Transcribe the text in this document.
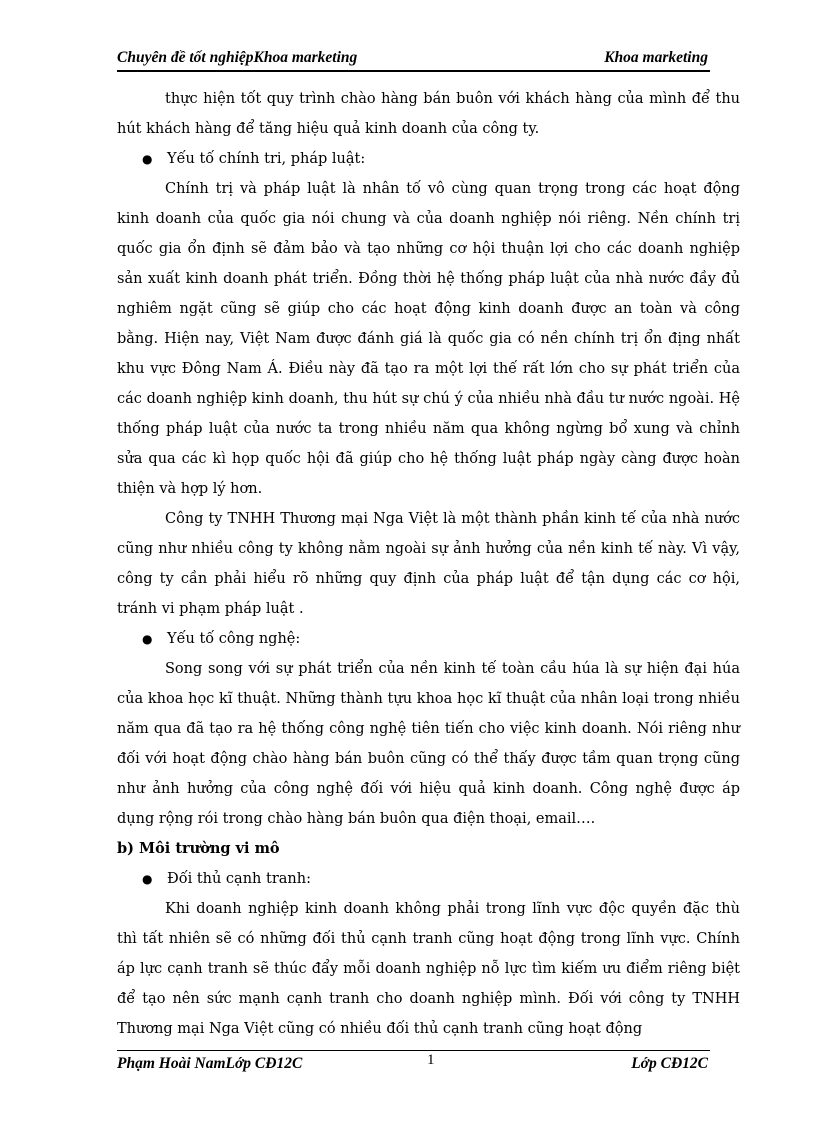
Chuyên đề tốt nghiệpKhoa marketing	Khoa marketing

thực hiện tốt quy trình chào hàng bán buôn với khách hàng của mình để thu hút khách hàng để tăng hiệu quả kinh doanh của công ty.

● Yếu tố chính tri, pháp luật:

Chính trị và pháp luật là nhân tố vô cùng quan trọng trong các hoạt động kinh doanh của quốc gia nói chung và của doanh nghiệp nói riêng. Nền chính trị quốc gia ổn định sẽ đảm bảo và tạo những cơ hội thuận lợi cho các doanh nghiệp sản xuất kinh doanh phát triển. Đồng thời hệ thống pháp luật của nhà nước đầy đủ nghiêm ngặt cũng sẽ giúp cho các hoạt động kinh doanh được an toàn và công bằng. Hiện nay, Việt Nam được đánh giá là quốc gia có nền chính trị ổn địng nhất khu vực Đông Nam Á. Điều này đã tạo ra một lợi thế rất lớn cho sự phát triển của các doanh nghiệp kinh doanh, thu hút sự chú ý của nhiều nhà đầu tư nước ngoài. Hệ thống pháp luật của nước ta trong nhiều năm qua không ngừng bổ xung và chỉnh sửa qua các kì họp quốc hội đã giúp cho hệ thống luật pháp ngày càng được hoàn thiện và hợp lý hơn.

Công ty TNHH Thương mại Nga Việt là một thành phần kinh tế của nhà nước cũng như nhiều công ty không nằm ngoài sự ảnh hưởng của nền kinh tế này. Vì vậy, công ty cần phải hiểu rõ những quy định của pháp luật để tận dụng các cơ hội, tránh vi phạm pháp luật .

● Yếu tố công nghệ:

Song song với sự phát triển của nền kinh tế toàn cầu húa là sự hiện đại húa của khoa học kĩ thuật. Những thành tựu khoa học kĩ thuật của nhân loại trong nhiều năm qua đã tạo ra hệ thống công nghệ tiên tiến cho việc kinh doanh. Nói riêng như đối với hoạt động chào hàng bán buôn cũng có thể thấy được tầm quan trọng cũng như ảnh hưởng của công nghệ đối với hiệu quả kinh doanh. Công nghệ được áp dụng rộng rói trong chào hàng bán buôn qua điện thoại, email….

b) Môi trường vi mô

● Đối thủ cạnh tranh:

Khi doanh nghiệp kinh doanh không phải trong lĩnh vực độc quyền đặc thù thì tất nhiên sẽ có những đối thủ cạnh tranh cũng hoạt động trong lĩnh vực. Chính áp lực cạnh tranh sẽ thúc đẩy mỗi doanh nghiệp nỗ lực tìm kiếm ưu điểm riêng biệt để tạo nên sức mạnh cạnh tranh cho doanh nghiệp mình. Đối với công ty TNHH Thương mại Nga Việt cũng có nhiều đối thủ cạnh tranh cũng hoạt động

Phạm Hoài NamLớp CĐ12C	1	Lớp CĐ12C
